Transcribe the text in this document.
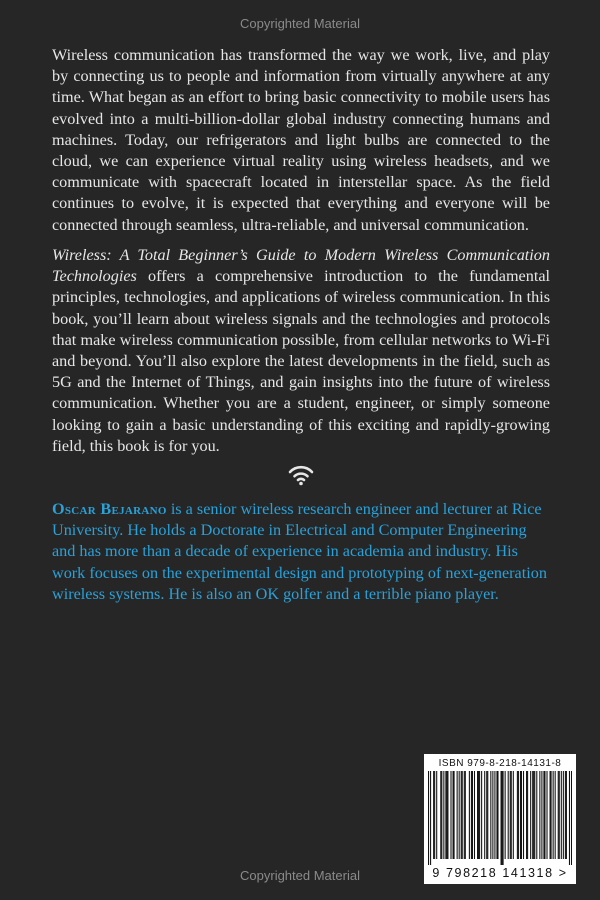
Copyrighted Material

Wireless communication has transformed the way we work, live, and play by connecting us to people and information from virtually anywhere at any time. What began as an effort to bring basic connectivity to mobile users has evolved into a multi-billion-dollar global industry connecting humans and machines. Today, our refrigerators and light bulbs are connected to the cloud, we can experience virtual reality using wireless headsets, and we communicate with spacecraft located in interstellar space. As the field continues to evolve, it is expected that everything and everyone will be connected through seamless, ultra-reliable, and universal communication.

Wireless: A Total Beginner’s Guide to Modern Wireless Communication Technologies offers a comprehensive introduction to the fundamental principles, technologies, and applications of wireless communication. In this book, you’ll learn about wireless signals and the technologies and protocols that make wireless communication possible, from cellular networks to Wi-Fi and beyond. You’ll also explore the latest developments in the field, such as 5G and the Internet of Things, and gain insights into the future of wireless communication. Whether you are a student, engineer, or simply someone looking to gain a basic understanding of this exciting and rapidly-growing field, this book is for you.

Oscar Bejarano is a senior wireless research engineer and lecturer at Rice University. He holds a Doctorate in Electrical and Computer Engineering and has more than a decade of experience in academia and industry. His work focuses on the experimental design and prototyping of next-generation wireless systems. He is also an OK golfer and a terrible piano player.

ISBN 979-8-218-14131-8
9 798218 141318 >
Copyrighted Material
